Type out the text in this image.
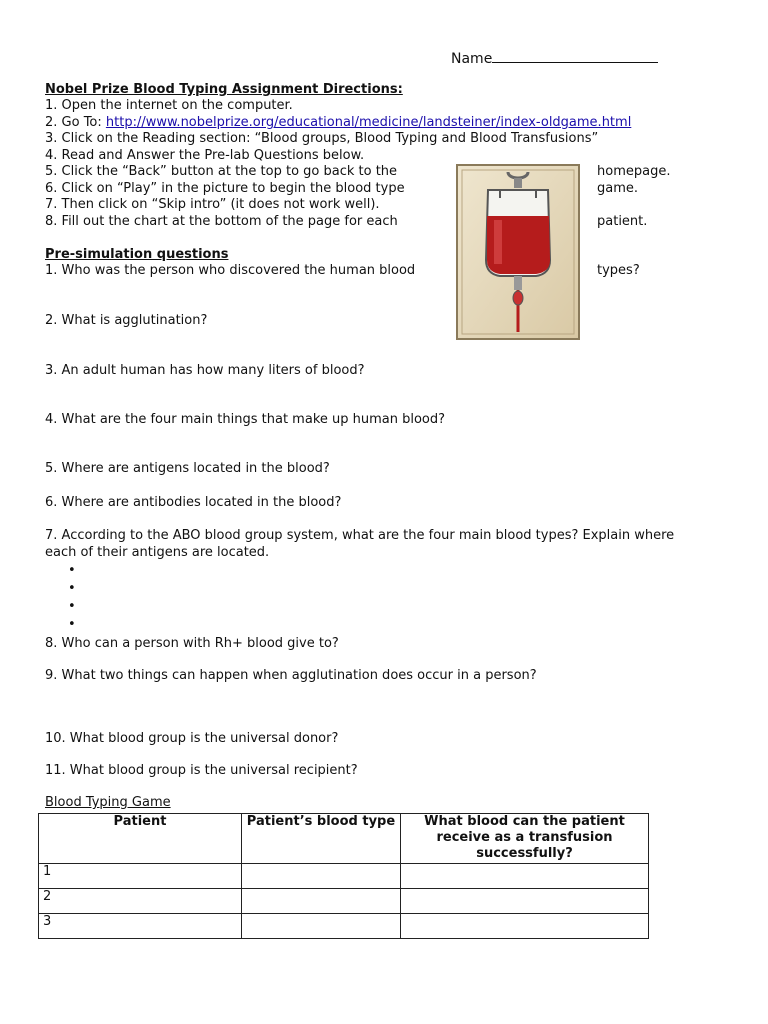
Name
Nobel Prize Blood Typing Assignment Directions:
1. Open the internet on the computer.
2. Go To: http://www.nobelprize.org/educational/medicine/landsteiner/index-oldgame.html
3. Click on the Reading section: “Blood groups, Blood Typing and Blood Transfusions”
4. Read and Answer the Pre-lab Questions below.
5. Click the “Back” button at the top to go back to the
6. Click on “Play” in the picture to begin the blood type
7. Then click on “Skip intro” (it does not work well).
8. Fill out the chart at the bottom of the page for each
homepage.
game.
patient.
Pre-simulation questions
1. Who was the person who discovered the human blood	types?
2. What is agglutination?
3. An adult human has how many liters of blood?
4. What are the four main things that make up human blood?
5. Where are antigens located in the blood?
6. Where are antibodies located in the blood?
7. According to the ABO blood group system, what are the four main blood types? Explain where
each of their antigens are located.
•
•
•
•
8. Who can a person with Rh+ blood give to?
9. What two things can happen when agglutination does occur in a person?
10. What blood group is the universal donor?
11. What blood group is the universal recipient?
Blood Typing Game
Patient	Patient’s blood type	What blood can the patient receive as a transfusion successfully?
1		
2		
3		
